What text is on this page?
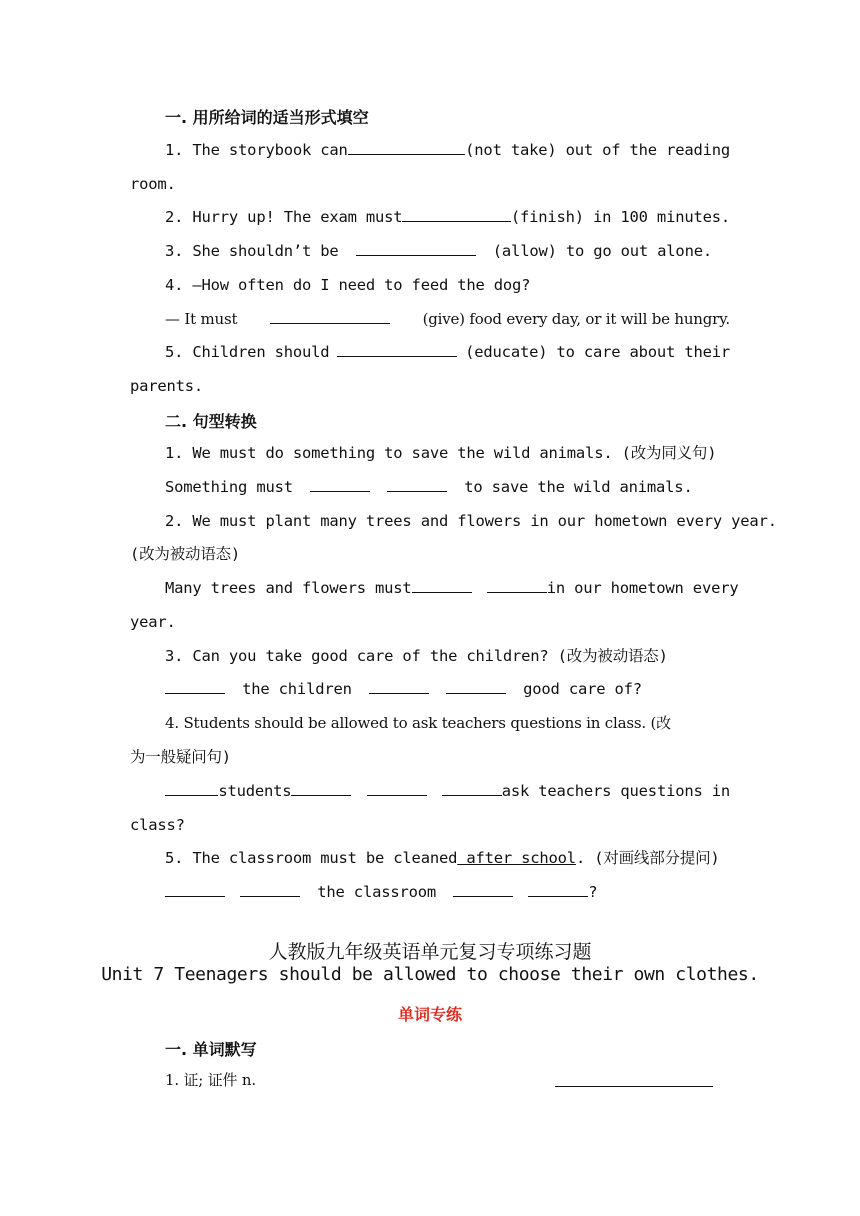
一. 用所给词的适当形式填空
1. The storybook can	(not take) out of the reading
room.
2. Hurry up! The exam must	(finish) in 100 minutes.
3. She shouldn’t be	(allow) to go out alone.
4. —How often do I need to feed the dog?
— It must	(give) food every day, or it will be hungry.
5. Children should	(educate) to care about their
parents.
二. 句型转换
1. We must do something to save the wild animals. (改为同义句)
Something must	to save the wild animals.
2. We must plant many trees and flowers in our hometown every year.
(改为被动语态)
Many trees and flowers must
	in our hometown every
year.
3. Can you take good care of the children? (改为被动语态)
the children	good care of?
4. Students should be allowed to ask teachers questions in class. (改
为一般疑问句)
students
	ask teachers questions in
class?
5. The classroom must be cleaned after school. (对画线部分提问)
the classroom	?
人教版九年级英语单元复习专项练习题
Unit 7 Teenagers should be allowed to choose their own clothes.
单词专练
一. 单词默写
1. 证; 证件 n.
